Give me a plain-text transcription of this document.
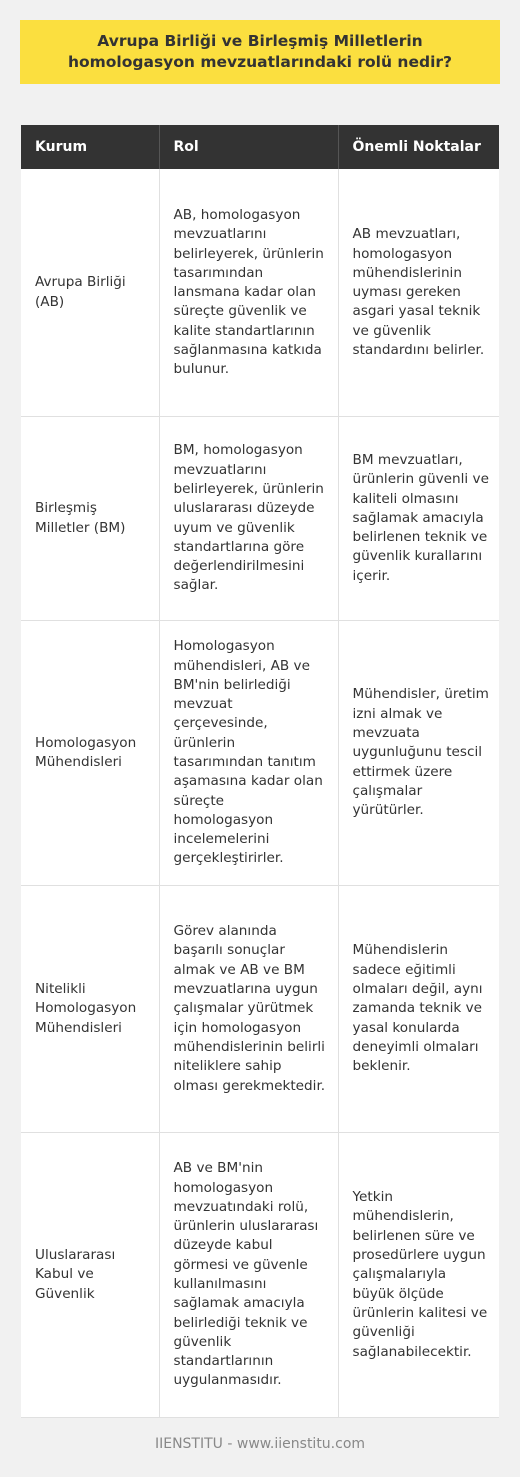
Avrupa Birliği ve Birleşmiş Milletlerin homologasyon mevzuatlarındaki rolü nedir?
Kurum	Rol	Önemli Noktalar
Avrupa Birliği (AB)	AB, homologasyon mevzuatlarını belirleyerek, ürünlerin tasarımından lansmana kadar olan süreçte güvenlik ve kalite standartlarının sağlanmasına katkıda bulunur.	AB mevzuatları, homologasyon mühendislerinin uyması gereken asgari yasal teknik ve güvenlik standardını belirler.
Birleşmiş Milletler (BM)	BM, homologasyon mevzuatlarını belirleyerek, ürünlerin uluslararası düzeyde uyum ve güvenlik standartlarına göre değerlendirilmesini sağlar.	BM mevzuatları, ürünlerin güvenli ve kaliteli olmasını sağlamak amacıyla belirlenen teknik ve güvenlik kurallarını içerir.
Homologasyon Mühendisleri	Homologasyon mühendisleri, AB ve BM'nin belirlediği mevzuat çerçevesinde, ürünlerin tasarımından tanıtım aşamasına kadar olan süreçte homologasyon incelemelerini gerçekleştirirler.	Mühendisler, üretim izni almak ve mevzuata uygunluğunu tescil ettirmek üzere çalışmalar yürütürler.
Nitelikli Homologasyon Mühendisleri	Görev alanında başarılı sonuçlar almak ve AB ve BM mevzuatlarına uygun çalışmalar yürütmek için homologasyon mühendislerinin belirli niteliklere sahip olması gerekmektedir.	Mühendislerin sadece eğitimli olmaları değil, aynı zamanda teknik ve yasal konularda deneyimli olmaları beklenir.
Uluslararası Kabul ve Güvenlik	AB ve BM'nin homologasyon mevzuatındaki rolü, ürünlerin uluslararası düzeyde kabul görmesi ve güvenle kullanılmasını sağlamak amacıyla belirlediği teknik ve güvenlik standartlarının uygulanmasıdır.	Yetkin mühendislerin, belirlenen süre ve prosedürlere uygun çalışmalarıyla büyük ölçüde ürünlerin kalitesi ve güvenliği sağlanabilecektir.
IIENSTITU - www.iienstitu.com
